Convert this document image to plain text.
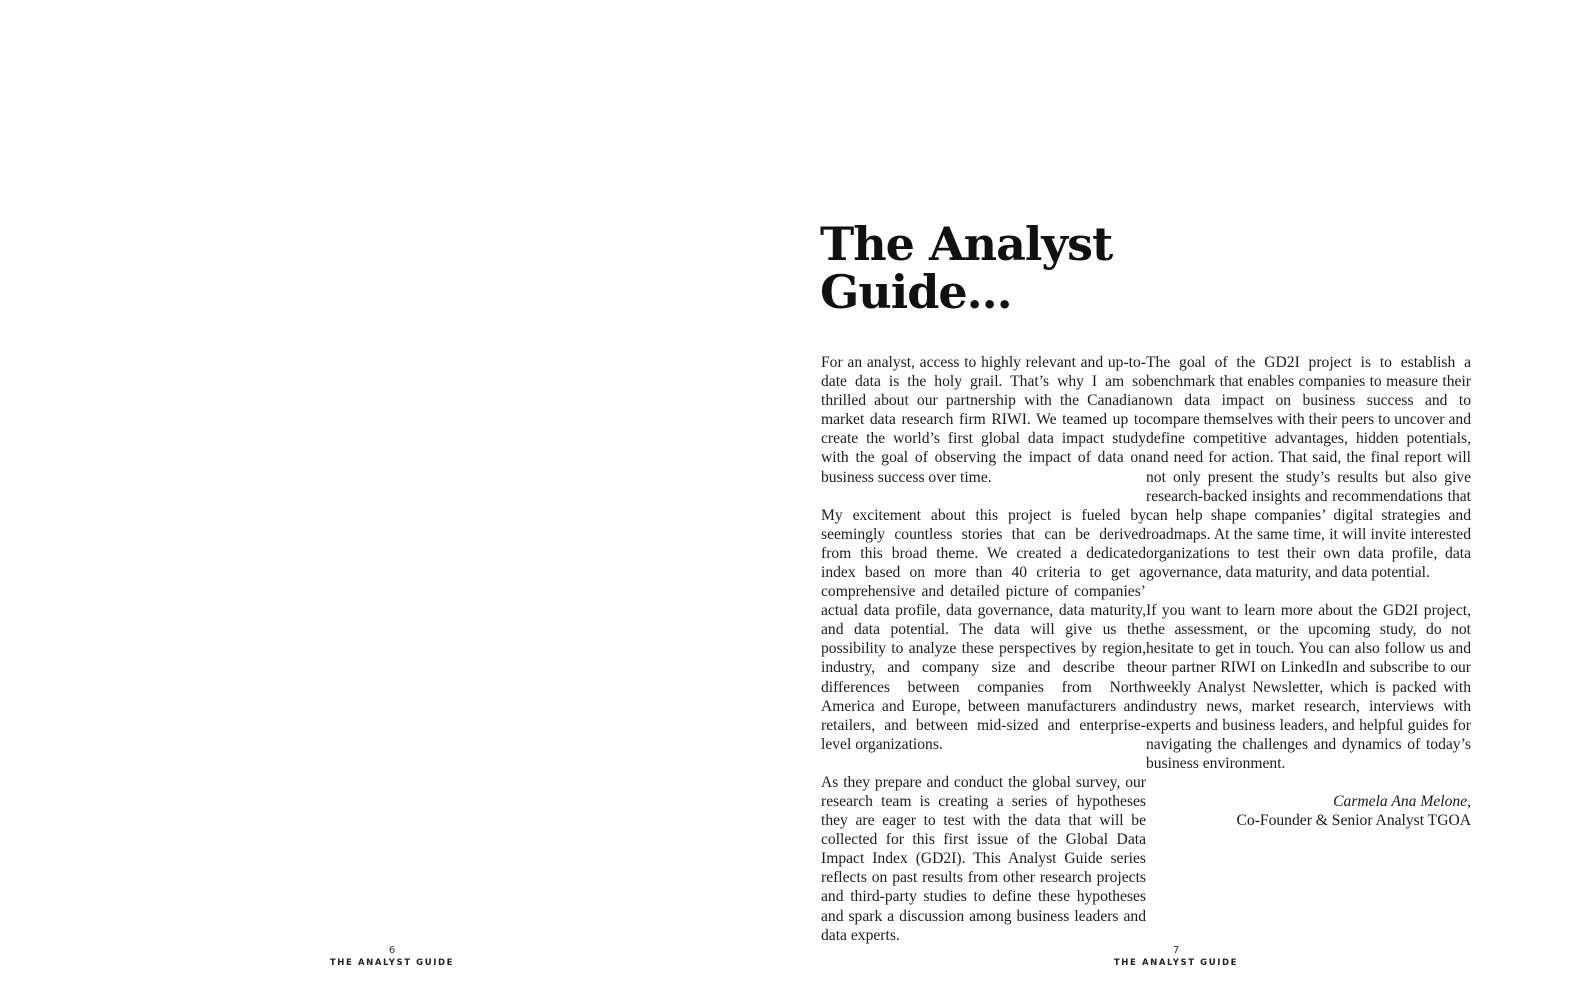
6
THE ANALYST GUIDE
The Analyst
Guide...

For an analyst, access to highly relevant and up-to-date data is the holy grail. That’s why I am so thrilled about our partnership with the Canadian market data research firm RIWI. We teamed up to create the world’s first global data impact study with the goal of observing the impact of data on business success over time.

My excitement about this project is fueled by seemingly countless stories that can be derived from this broad theme. We created a dedicated index based on more than 40 criteria to get a comprehensive and detailed picture of companies’ actual data profile, data governance, data maturity, and data potential. The data will give us the possibility to analyze these perspectives by region, industry, and company size and describe the differences between companies from North America and Europe, between manufacturers and retailers, and between mid-sized and enterprise-level organizations.

As they prepare and conduct the global survey, our research team is creating a series of hypotheses they are eager to test with the data that will be collected for this first issue of the Global Data Impact Index (GD2I). This Analyst Guide series reflects on past results from other research projects and third-party studies to define these hypotheses and spark a discussion among business leaders and data experts.

The goal of the GD2I project is to establish a benchmark that enables companies to measure their own data impact on business success and to compare themselves with their peers to uncover and define competitive advantages, hidden potentials, and need for action. That said, the final report will not only present the study’s results but also give research-backed insights and recommendations that can help shape companies’ digital strategies and roadmaps. At the same time, it will invite interested organizations to test their own data profile, data governance, data maturity, and data potential.

If you want to learn more about the GD2I project, the assessment, or the upcoming study, do not hesitate to get in touch. You can also follow us and our partner RIWI on LinkedIn and subscribe to our weekly Analyst Newsletter, which is packed with industry news, market research, interviews with experts and business leaders, and helpful guides for navigating the challenges and dynamics of today’s business environment.

Carmela Ana Melone,
Co-Founder & Senior Analyst TGOA
7
THE ANALYST GUIDE
